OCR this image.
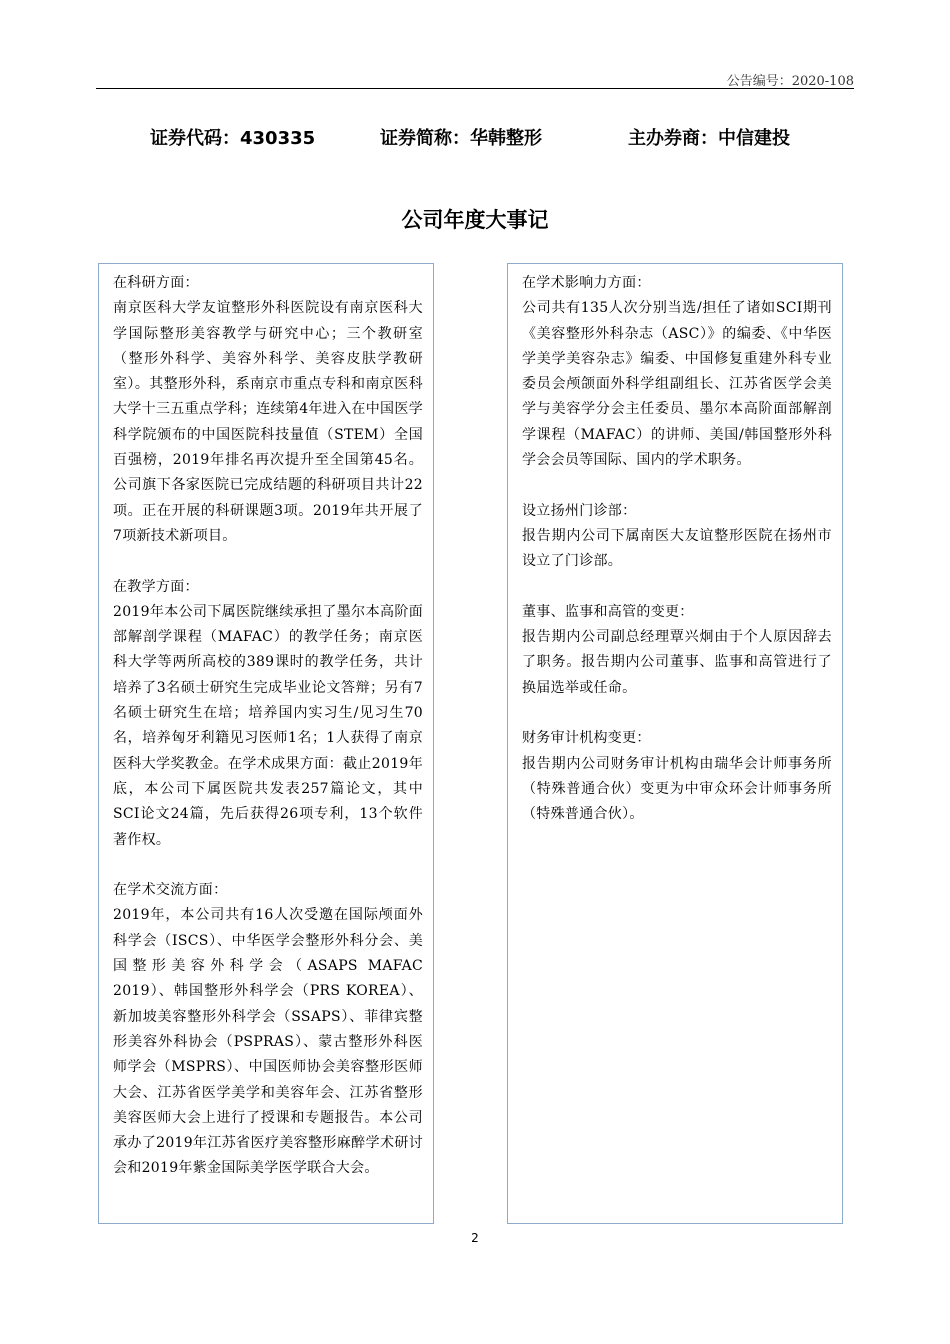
公告编号：2020-108
证券代码：430335	证券简称：华韩整形	主办券商：中信建投
公司年度大事记

在科研方面：

南京医科大学友谊整形外科医院设有南京医科大学国际整形美容教学与研究中心；三个教研室（整形外科学、美容外科学、美容皮肤学教研室）。其整形外科，系南京市重点专科和南京医科大学十三五重点学科；连续第4年进入在中国医学科学院颁布的中国医院科技量值（STEM）全国百强榜，2019年排名再次提升至全国第45名。公司旗下各家医院已完成结题的科研项目共计22项。正在开展的科研课题3项。2019年共开展了7项新技术新项目。

在教学方面：

2019年本公司下属医院继续承担了墨尔本高阶面部解剖学课程（MAFAC）的教学任务；南京医科大学等两所高校的389课时的教学任务，共计培养了3名硕士研究生完成毕业论文答辩；另有7名硕士研究生在培；培养国内实习生/见习生70名，培养匈牙利籍见习医师1名；1人获得了南京医科大学奖教金。在学术成果方面：截止2019年底，本公司下属医院共发表257篇论文，其中SCI论文24篇，先后获得26项专利，13个软件著作权。

在学术交流方面：

2019年，本公司共有16人次受邀在国际颅面外科学会（ISCS）、中华医学会整形外科分会、美国整形美容外科学会（ASAPS MAFAC 2019）、韩国整形外科学会（PRS KOREA）、新加坡美容整形外科学会（SSAPS）、菲律宾整形美容外科协会（PSPRAS）、蒙古整形外科医师学会（MSPRS）、中国医师协会美容整形医师大会、江苏省医学美学和美容年会、江苏省整形美容医师大会上进行了授课和专题报告。本公司承办了2019年江苏省医疗美容整形麻醉学术研讨会和2019年紫金国际美学医学联合大会。

在学术影响力方面：

公司共有135人次分别当选/担任了诸如SCI期刊《美容整形外科杂志（ASC）》的编委、《中华医学美学美容杂志》编委、中国修复重建外科专业委员会颅颌面外科学组副组长、江苏省医学会美学与美容学分会主任委员、墨尔本高阶面部解剖学课程（MAFAC）的讲师、美国/韩国整形外科学会会员等国际、国内的学术职务。

设立扬州门诊部：

报告期内公司下属南医大友谊整形医院在扬州市设立了门诊部。

董事、监事和高管的变更：

报告期内公司副总经理覃兴炯由于个人原因辞去了职务。报告期内公司董事、监事和高管进行了换届选举或任命。

财务审计机构变更：

报告期内公司财务审计机构由瑞华会计师事务所（特殊普通合伙）变更为中审众环会计师事务所（特殊普通合伙）。

2
